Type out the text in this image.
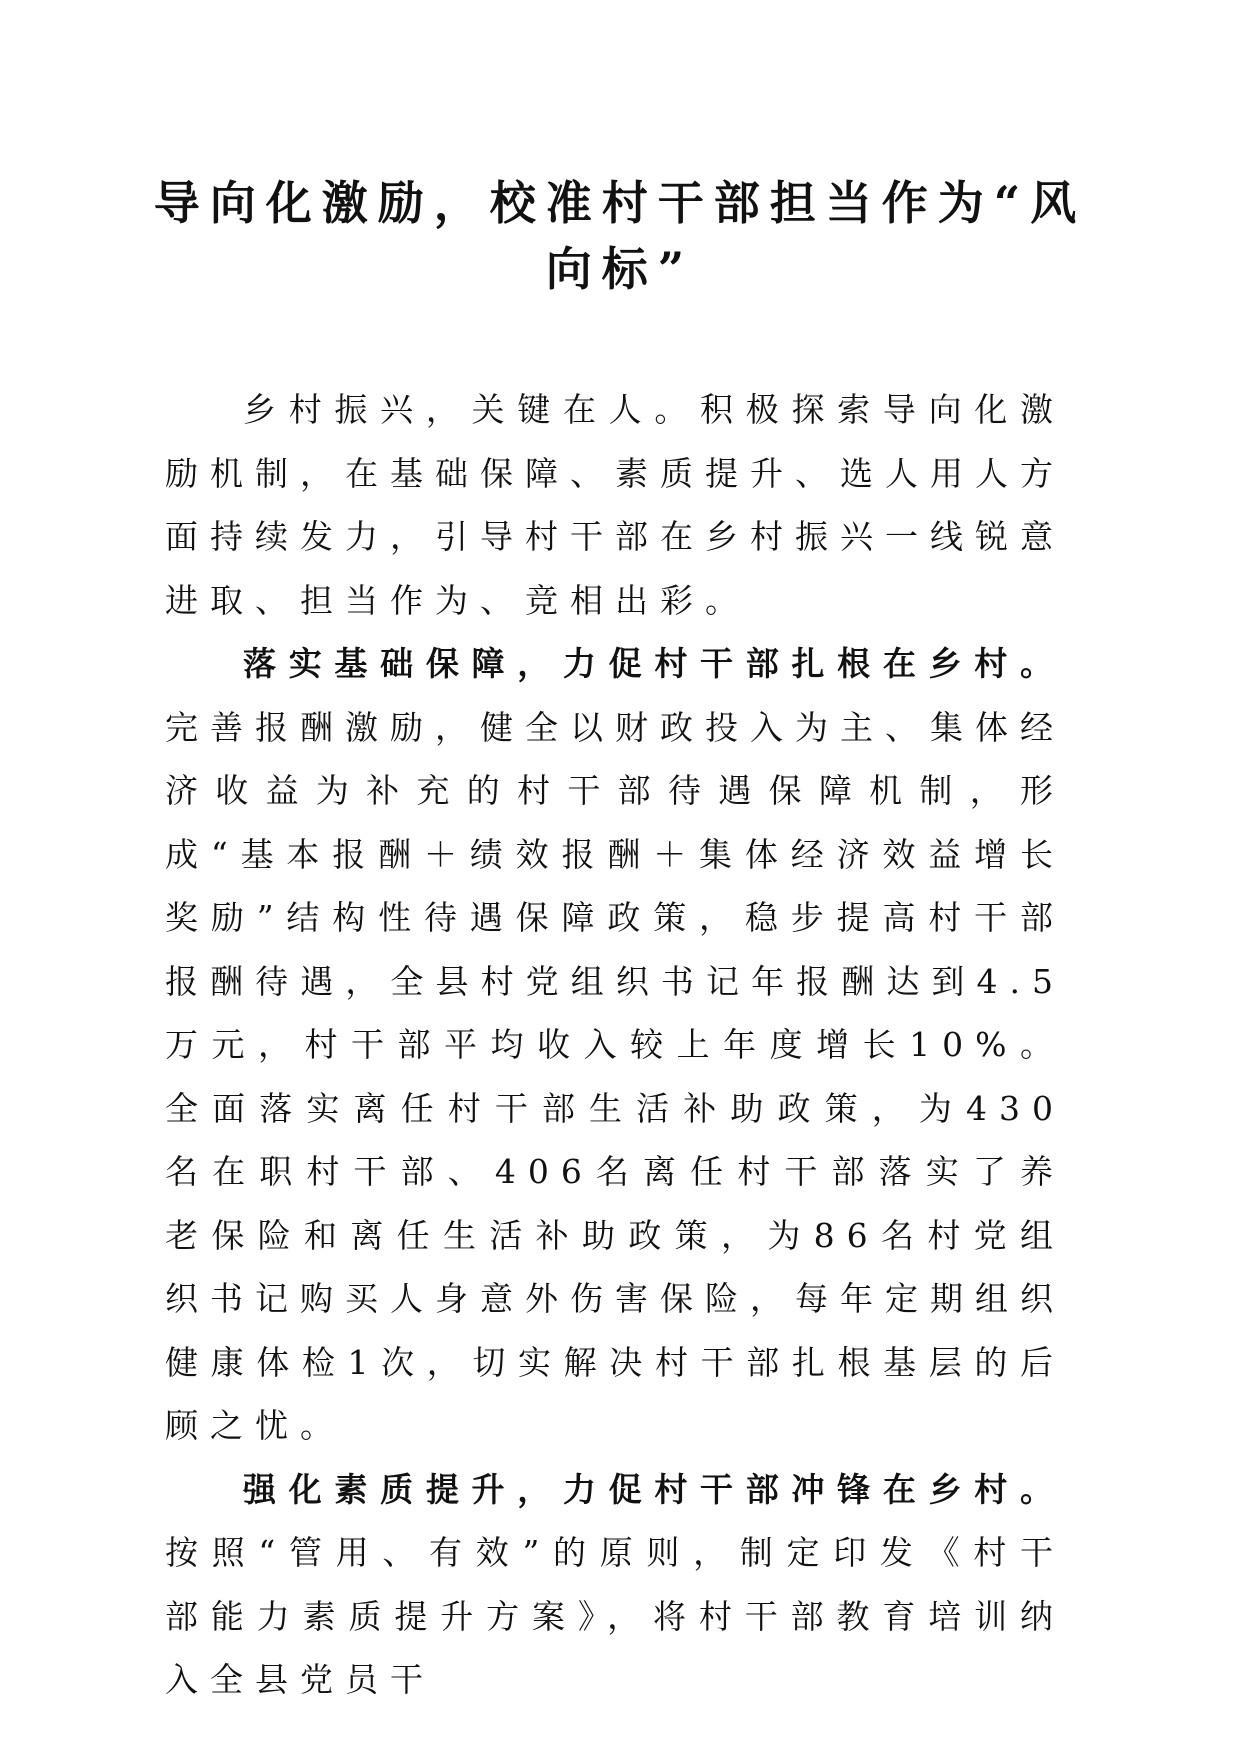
导向化激励，校准村干部担当作为“风向标”

乡村振兴，关键在人。积极探索导向化激励机制，在基础保障、素质提升、选人用人方面持续发力，引导村干部在乡村振兴一线锐意进取、担当作为、竞相出彩。

落实基础保障，力促村干部扎根在乡村。完善报酬激励，健全以财政投入为主、集体经济收益为补充的村干部待遇保障机制，形成“基本报酬＋绩效报酬＋集体经济效益增长奖励”结构性待遇保障政策，稳步提高村干部报酬待遇，全县村党组织书记年报酬达到4.5万元，村干部平均收入较上年度增长10%。全面落实离任村干部生活补助政策，为430名在职村干部、406名离任村干部落实了养老保险和离任生活补助政策，为86名村党组织书记购买人身意外伤害保险，每年定期组织健康体检1次，切实解决村干部扎根基层的后顾之忧。

强化素质提升，力促村干部冲锋在乡村。按照“管用、有效”的原则，制定印发《村干部能力素质提升方案》，将村干部教育培训纳入全县党员干
